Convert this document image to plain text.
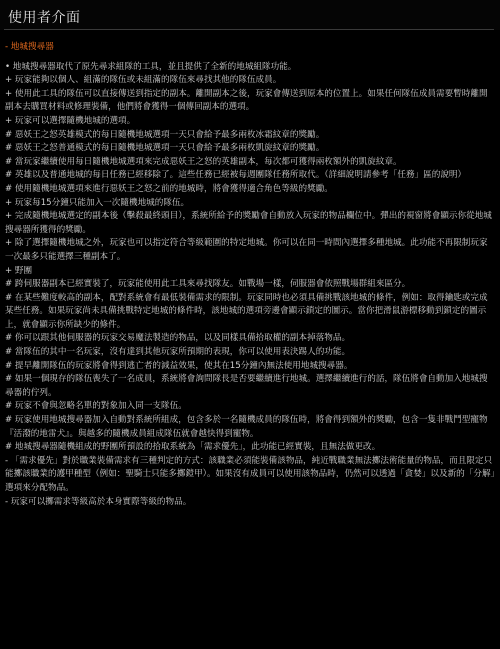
使用者介面
- 地城搜尋器
• 地城搜尋器取代了原先尋求組隊的工具，並且提供了全新的地城組隊功能。
+ 玩家能夠以個人、組滿的隊伍或未組滿的隊伍來尋找其他的隊伍成員。
+ 使用此工具的隊伍可以直接傳送到指定的副本。離開副本之後，玩家會傳送到原本的位置上。如果任何隊伍成員需要暫時離開副本去購買材料或修理裝備，他們將會獲得一個傳回副本的選項。
+ 玩家可以選擇隨機地城的選項。
# 惡妖王之怒英雄模式的每日隨機地城選項一天只會給予最多兩枚冰霜紋章的獎勵。
# 惡妖王之怒普通模式的每日隨機地城選項一天只會給予最多兩枚凱旋紋章的獎勵。
# 當玩家繼續使用每日隨機地城選項來完成惡妖王之怒的英雄副本，每次都可獲得兩枚額外的凱旋紋章。
# 英雄以及普通地城的每日任務已經移除了。這些任務已經被每週團隊任務所取代。（詳細說明請參考「任務」區的說明）
# 使用隨機地城選項來進行惡妖王之怒之前的地城時，將會獲得適合角色等級的獎勵。
+ 玩家每15分鐘只能加入一次隨機地城的隊伍。
+ 完成隨機地城選定的副本後（擊殺最終頭目），系統所給予的獎勵會自動放入玩家的物品欄位中。彈出的視窗將會顯示你從地城搜尋器所獲得的獎勵。
+ 除了選擇隨機地城之外，玩家也可以指定符合等級範圍的特定地城。你可以在同一時間內選擇多種地城。此功能不再限制玩家一次最多只能選擇三種副本了。
+ 野團
# 跨伺服器副本已經實裝了，玩家能使用此工具來尋找隊友。如戰場一樣，伺服器會依照戰場群組來區分。
# 在某些難度較高的副本，配對系統會有最低裝備需求的限制。玩家同時也必須具備挑戰該地城的條件，例如：取得鑰匙或完成某些任務。如果玩家尚未具備挑戰特定地城的條件時，該地城的選項旁邊會顯示鎖定的圖示。當你把滑鼠游標移動到鎖定的圖示上，就會顯示你所缺少的條件。
# 你可以跟其他伺服器的玩家交易魔法製造的物品，以及同樣具備拾取權的副本掉落物品。
# 當隊伍的其中一名玩家，沒有達到其他玩家所預期的表現，你可以使用表決踢人的功能。
# 提早離開隊伍的玩家將會得到逃亡者的減益效果，使其在15分鐘內無法使用地城搜尋器。
# 如果一個現存的隊伍喪失了一名成員，系統將會詢問隊長是否要繼續進行地城。選擇繼續進行的話，隊伍將會自動加入地城搜尋器的佇列。
# 玩家不會與忽略名單的對象加入同一支隊伍。
# 玩家使用地城搜尋器加入自動對系統所組成，包含多於一名隨機成員的隊伍時，將會得到額外的獎勵，包含一隻非戰鬥型寵物『活潑的地雷犬』。與越多的隨機成員組成隊伍就會越快得到寵物。
# 地城搜尋器隨機組成的野團所預設的拾取系統為「需求優先」，此功能已經實裝，且無法做更改。
- 「需求優先」對於職業裝備需求有三種判定的方式：該職業必須能裝備該物品，純近戰職業無法擲法術能量的物品，而且限定只能擲該職業的護甲種型（例如：聖騎士只能多擲鎧甲）。如果沒有成員可以使用該物品時，仍然可以透過「貪婪」以及新的「分解」選項來分配物品。
- 玩家可以擲需求等級高於本身實際等級的物品。
